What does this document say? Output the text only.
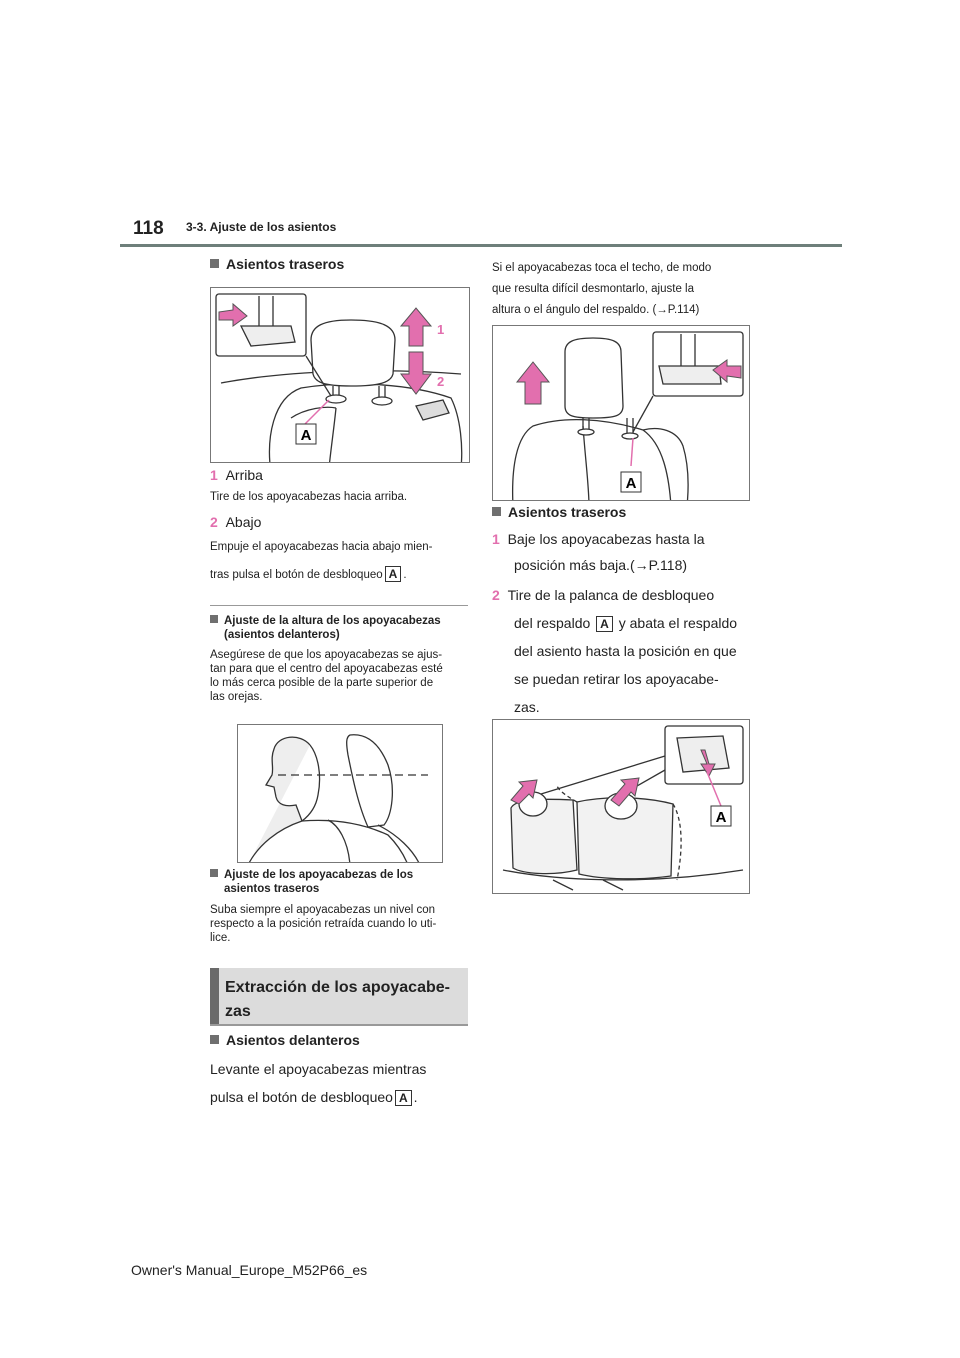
118 3-3. Ajuste de los asientos
Asientos traseros
A
1
2
1 Arriba
Tire de los apoyacabezas hacia arriba.
2 Abajo
Empuje el apoyacabezas hacia abajo mien-
tras pulsa el botón de desbloqueo A .
Ajuste de la altura de los apoyacabezas
(asientos delanteros)
Asegúrese de que los apoyacabezas se ajus-
tan para que el centro del apoyacabezas esté
lo más cerca posible de la parte superior de
las orejas.
Ajuste de los apoyacabezas de los
asientos traseros
Suba siempre el apoyacabezas un nivel con
respecto a la posición retraída cuando lo uti-
lice.
Extracción de los apoyacabe-
zas
Asientos delanteros
Levante el apoyacabezas mientras
pulsa el botón de desbloqueo A .
Si el apoyacabezas toca el techo, de modo
que resulta difícil desmontarlo, ajuste la
altura o el ángulo del respaldo. (→P.114)
A
Asientos traseros
1 Baje los apoyacabezas hasta la
posición más baja.(→P.118)
2 Tire de la palanca de desbloqueo
del respaldo A y abata el respaldo
del asiento hasta la posición en que
se puedan retirar los apoyacabe-
zas.
A
Owner's Manual_Europe_M52P66_es
